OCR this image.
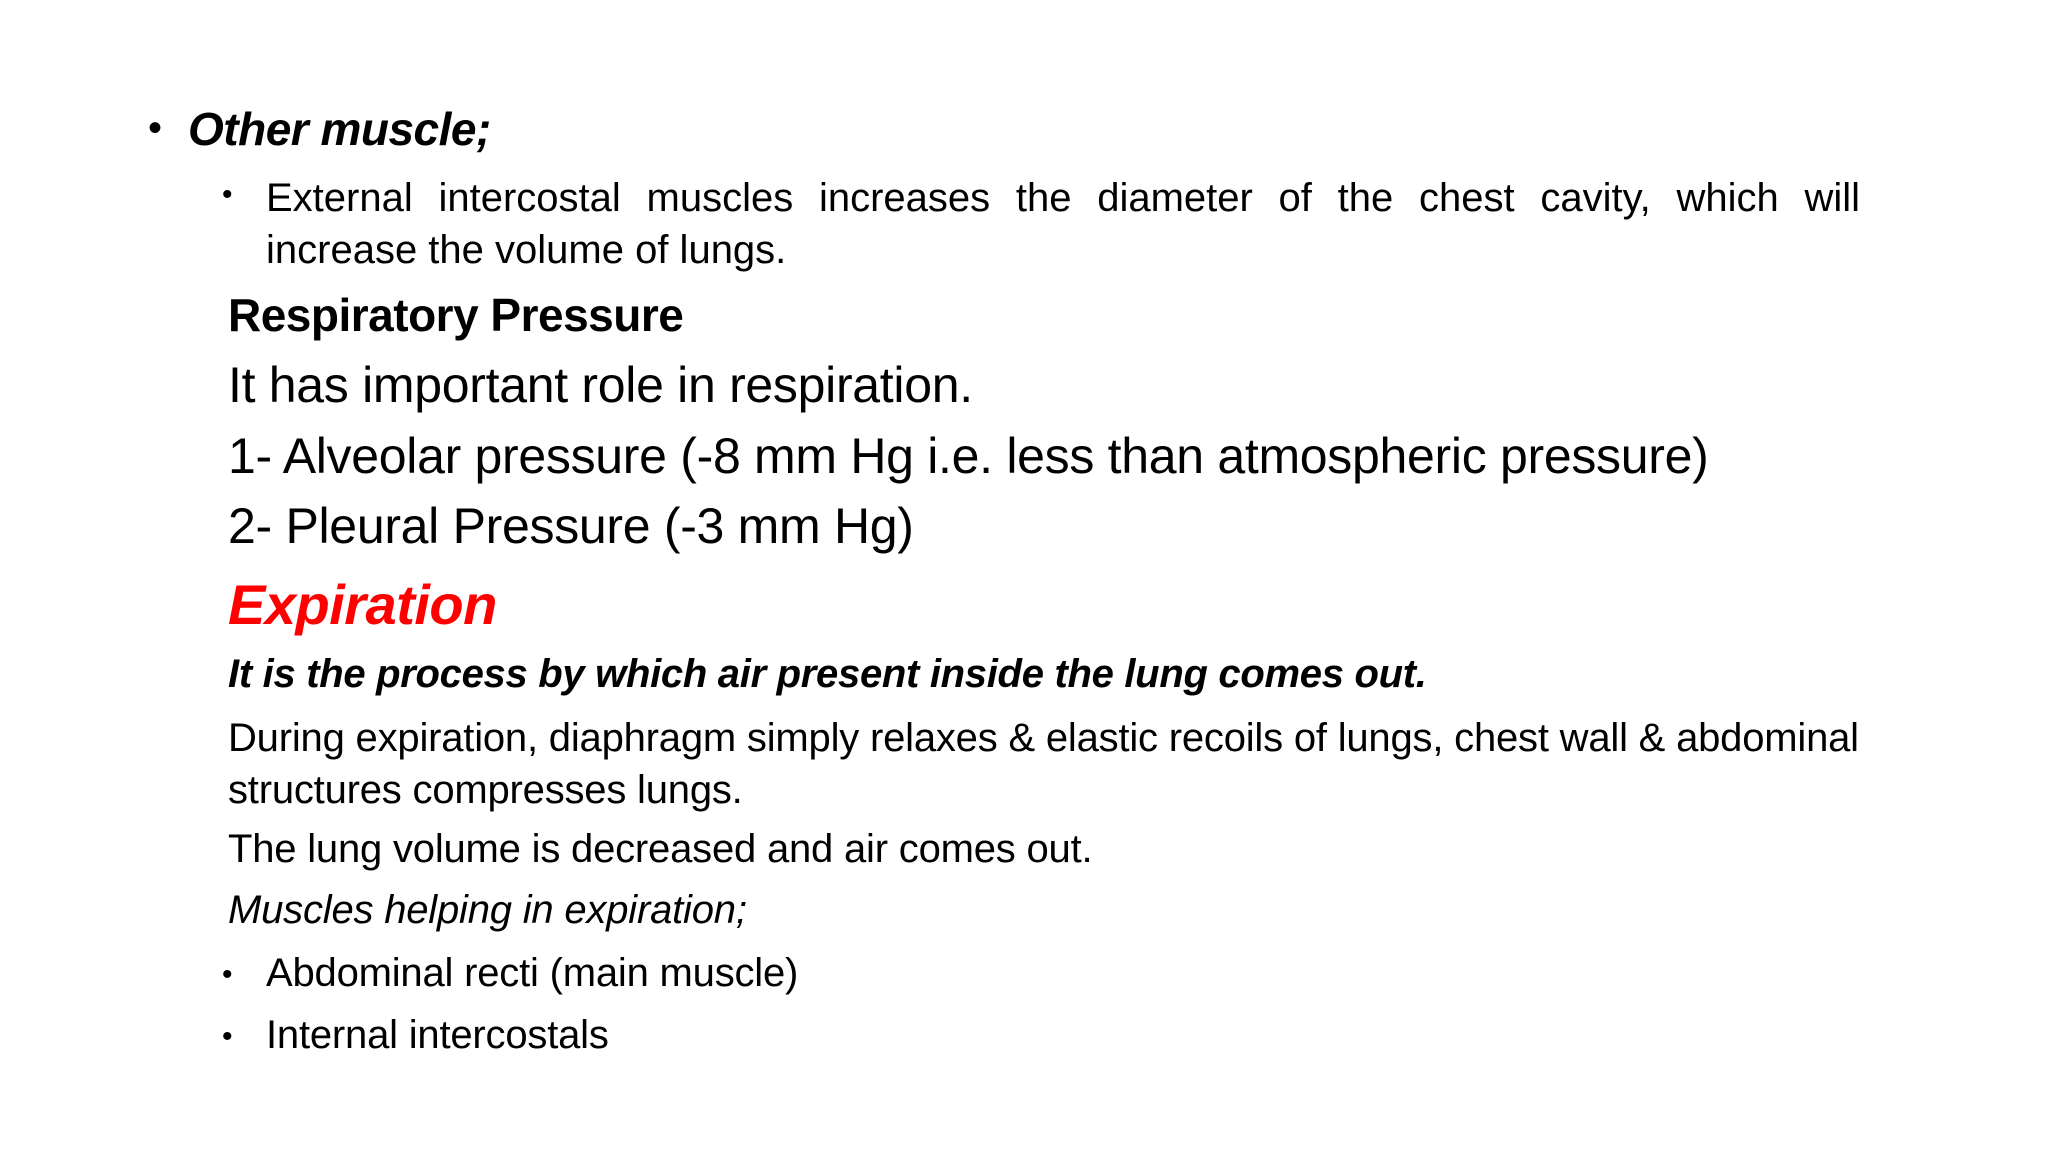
• Other muscle;
• External intercostal muscles increases the diameter of the chest cavity, which will increase the volume of lungs.
Respiratory Pressure
It has important role in respiration.
1- Alveolar pressure (-8 mm Hg i.e. less than atmospheric pressure)
2- Pleural Pressure (-3 mm Hg)
Expiration
It is the process by which air present inside the lung comes out.
During expiration, diaphragm simply relaxes & elastic recoils of lungs, chest wall & abdominal structures compresses lungs.
The lung volume is decreased and air comes out.
Muscles helping in expiration;
• Abdominal recti (main muscle)
• Internal intercostals
